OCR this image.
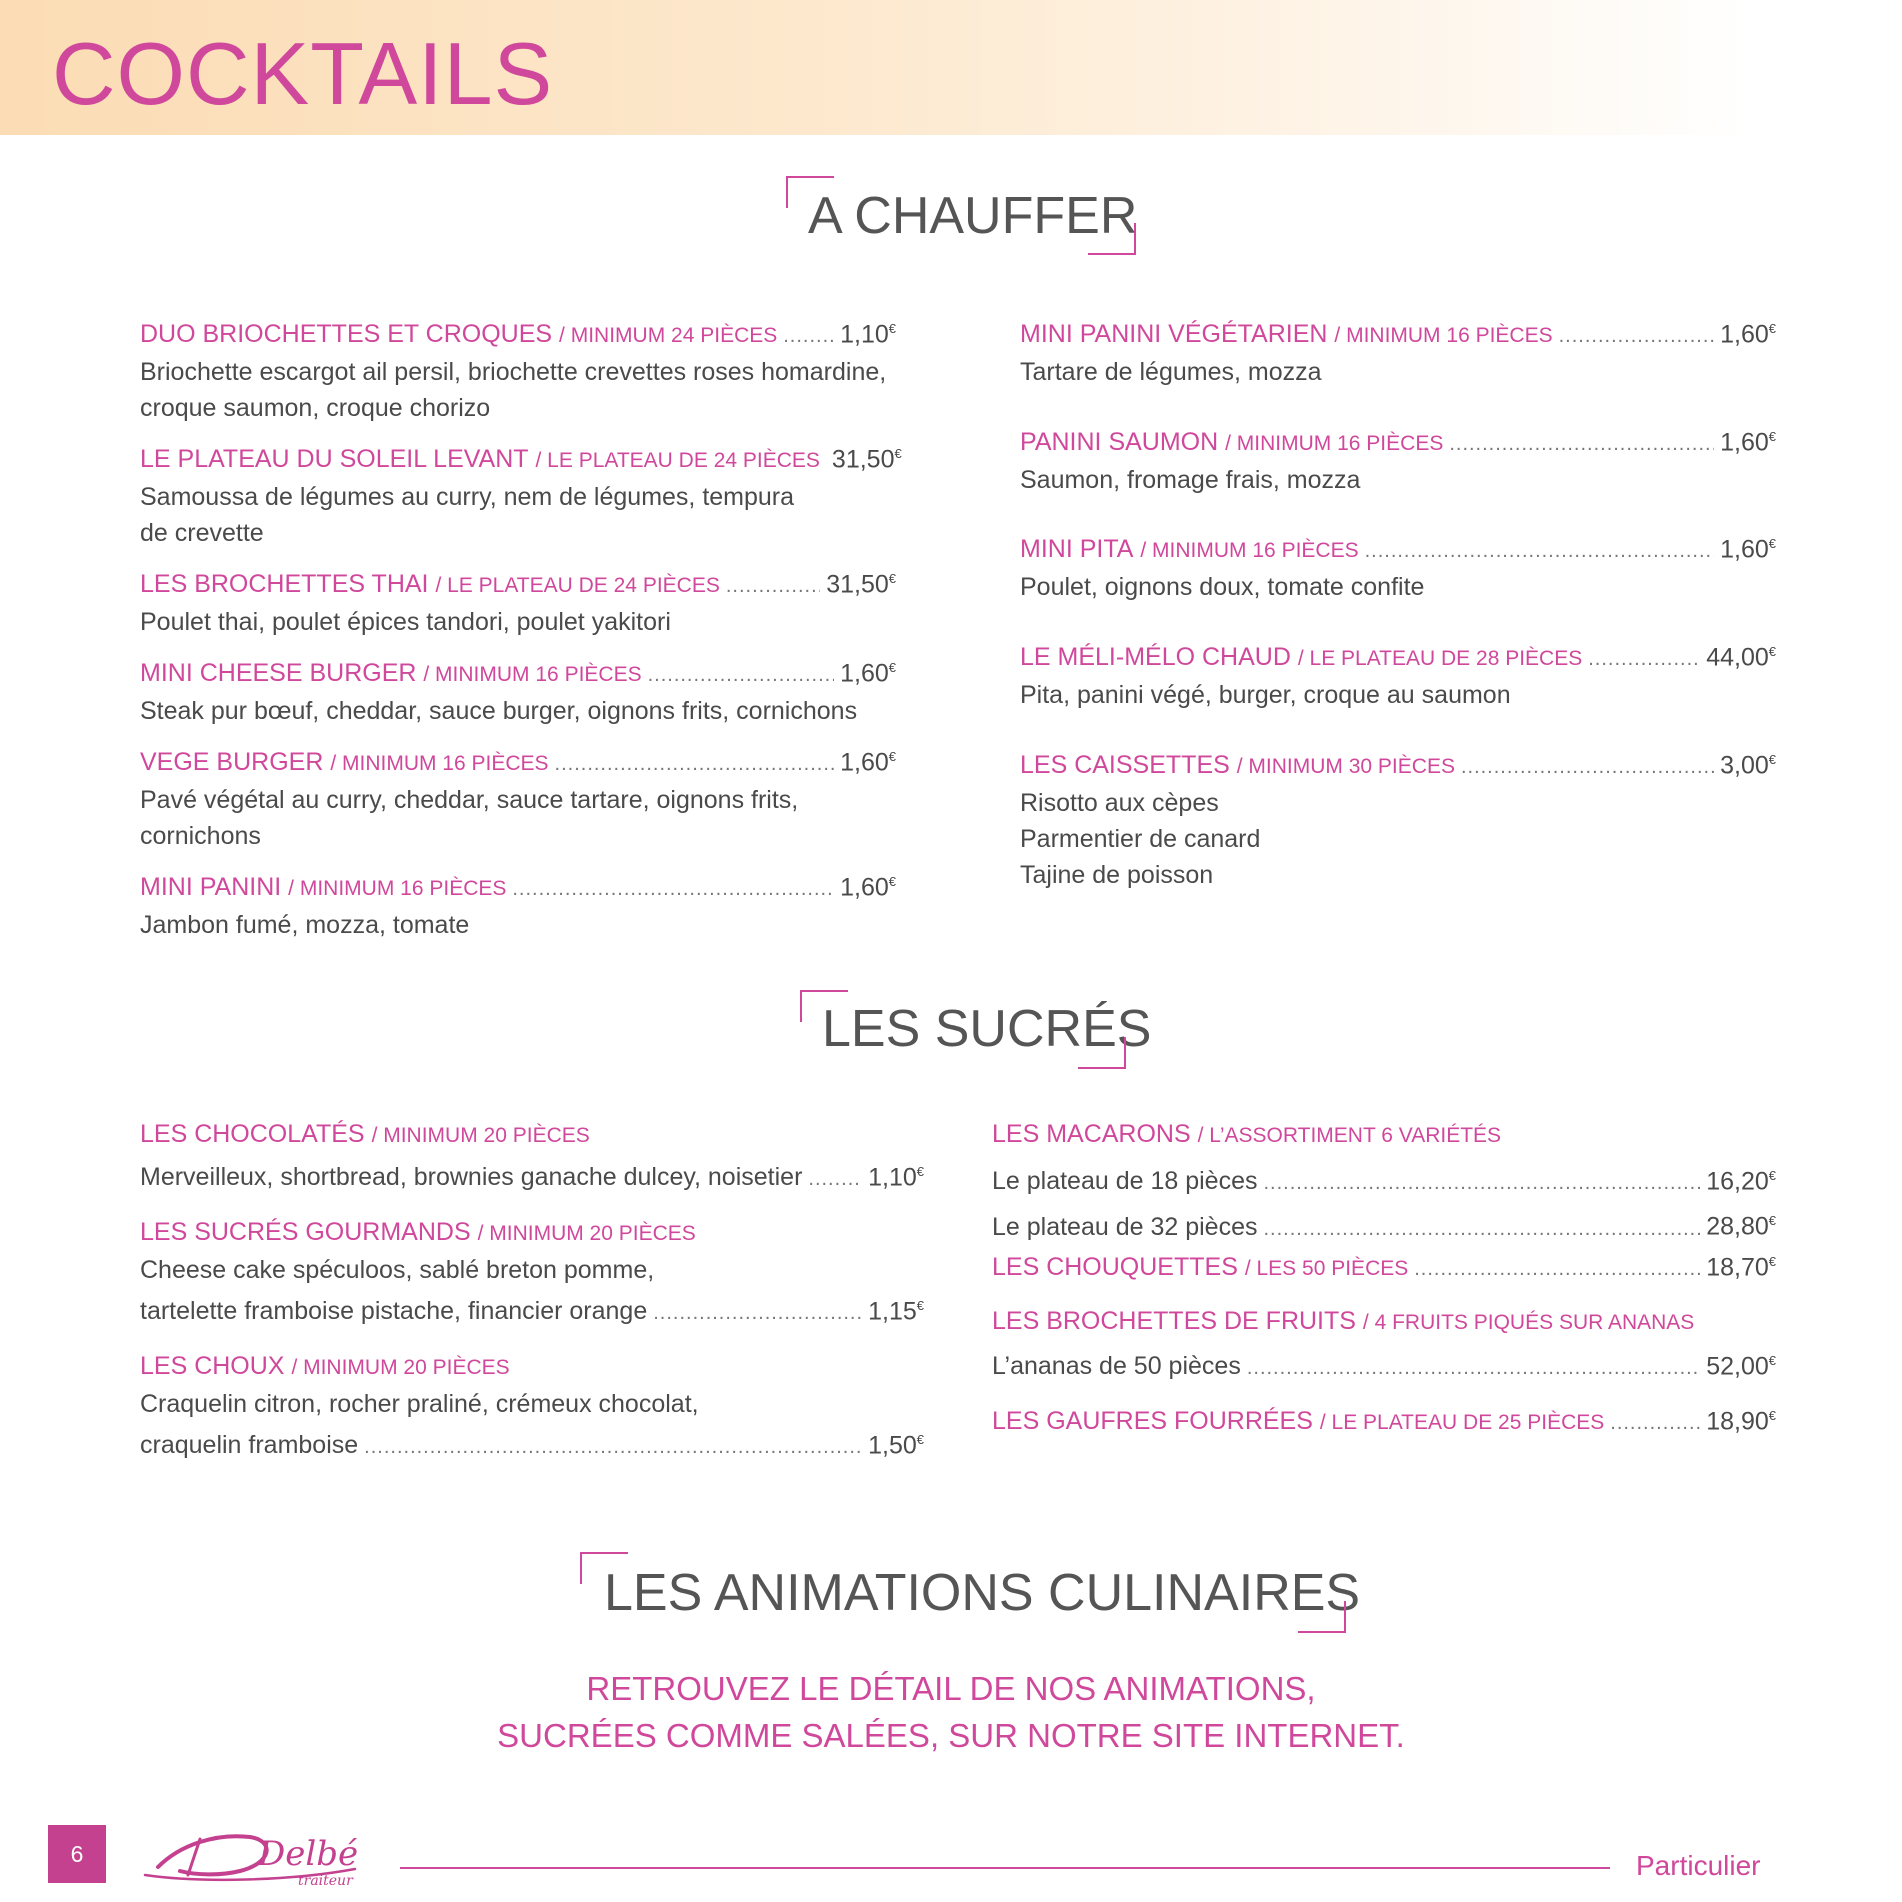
COCKTAILS
A CHAUFFER
DUO BRIOCHETTES ET CROQUES
/ MINIMUM 24 PIÈCES .....	1,10€
Briochette escargot ail persil, briochette crevettes roses homardine,
croque saumon, croque chorizo
LE PLATEAU DU SOLEIL LEVANT
/ LE PLATEAU DE 24 PIÈCES 31,50€
Samoussa de légumes au curry, nem de légumes, tempura
de crevette
LES BROCHETTES THAI
/ LE PLATEAU DE 24 PIÈCES .....	31,50€
Poulet thai, poulet épices tandori, poulet yakitori
MINI CHEESE BURGER
/ MINIMUM 16 PIÈCES .....	1,60€
Steak pur bœuf, cheddar, sauce burger, oignons frits, cornichons
VEGE BURGER
/ MINIMUM 16 PIÈCES .....	1,60€
Pavé végétal au curry, cheddar, sauce tartare, oignons frits,
cornichons
MINI PANINI
/ MINIMUM 16 PIÈCES .....	1,60€
Jambon fumé, mozza, tomate
MINI PANINI VÉGÉTARIEN
/ MINIMUM 16 PIÈCES .....	1,60€
Tartare de légumes, mozza
PANINI SAUMON
/ MINIMUM 16 PIÈCES .....	1,60€
Saumon, fromage frais, mozza
MINI PITA
/ MINIMUM 16 PIÈCES .....	1,60€
Poulet, oignons doux, tomate confite
LE MÉLI-MÉLO CHAUD
/ LE PLATEAU DE 28 PIÈCES .....	44,00€
Pita, panini végé, burger, croque au saumon
LES CAISSETTES
/ MINIMUM 30 PIÈCES .....	3,00€
Risotto aux cèpes
Parmentier de canard
Tajine de poisson
LES SUCRÉS
LES CHOCOLATÉS
/ MINIMUM 20 PIÈCES
Merveilleux, shortbread, brownies ganache dulcey, noisetier .....	1,10€
LES SUCRÉS GOURMANDS
/ MINIMUM 20 PIÈCES
Cheese cake spéculoos, sablé breton pomme,
tartelette framboise pistache, financier orange .....	1,15€
LES CHOUX
/ MINIMUM 20 PIÈCES
Craquelin citron, rocher praliné, crémeux chocolat,
craquelin framboise .....	1,50€
LES MACARONS
/ L’ASSORTIMENT 6 VARIÉTÉS
Le plateau de 18 pièces .....	16,20€
Le plateau de 32 pièces .....	28,80€
LES CHOUQUETTES
/ LES 50 PIÈCES .....	18,70€
LES BROCHETTES DE FRUITS
/ 4 FRUITS PIQUÉS SUR ANANAS
L’ananas de 50 pièces .....	52,00€
LES GAUFRES FOURRÉES
/ LE PLATEAU DE 25 PIÈCES .....	18,90€
LES ANIMATIONS CULINAIRES
RETROUVEZ LE DÉTAIL DE NOS ANIMATIONS,
SUCRÉES COMME SALÉES, SUR NOTRE SITE INTERNET.
6	Delbé
traiteur	Particulier
